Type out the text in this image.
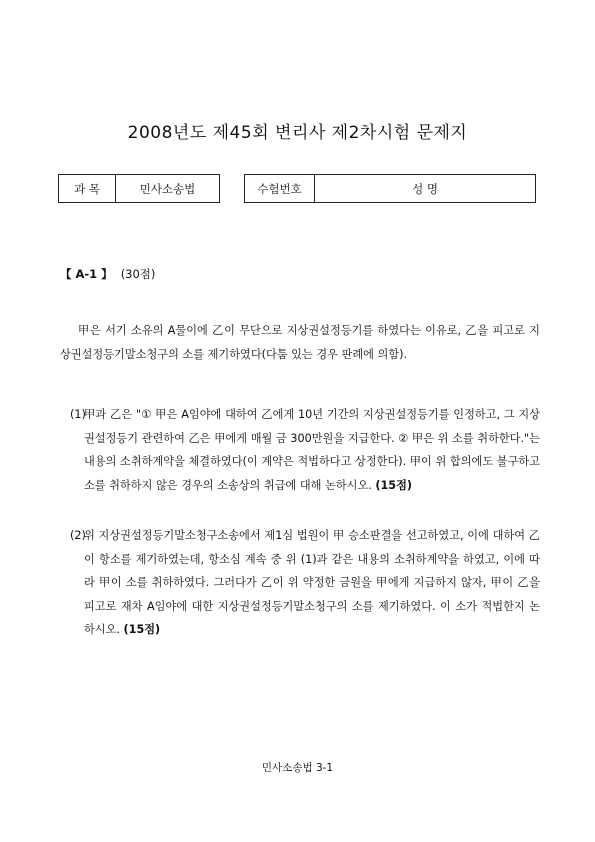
2008년도 제45회 변리사 제2차시험 문제지
과 목	민사소송법	수험번호	성 명
【 A-1 】 (30점)
甲은 서기 소유의 A물이에 乙이 무단으로 지상권설정등기를 하였다는 이유로, 乙을 피고로 지상권설정등기말소청구의 소를 제기하였다(다툼 있는 경우 판례에 의함).
(1)
甲과 乙은 "① 甲은 A임야에 대하여 乙에게 10년 기간의 지상권설정등기를 인정하고, 그 지상권설정등기 관련하여 乙은 甲에게 매월 금 300만원을 지급한다. ② 甲은 위 소를 취하한다."는 내용의 소취하계약을 체결하였다(이 계약은 적법하다고 상정한다). 甲이 위 합의에도 불구하고 소를 취하하지 않은 경우의 소송상의 취급에 대해 논하시오. (15점)
(2)
위 지상권설정등기말소청구소송에서 제1심 법원이 甲 승소판결을 선고하였고, 이에 대하여 乙이 항소를 제기하였는데, 항소심 계속 중 위 (1)과 같은 내용의 소취하계약을 하였고, 이에 따라 甲이 소를 취하하였다. 그러다가 乙이 위 약정한 금원을 甲에게 지급하지 않자, 甲이 乙을 피고로 재차 A임야에 대한 지상권설정등기말소청구의 소를 제기하였다. 이 소가 적법한지 논하시오. (15점)
민사소송법 3-1
